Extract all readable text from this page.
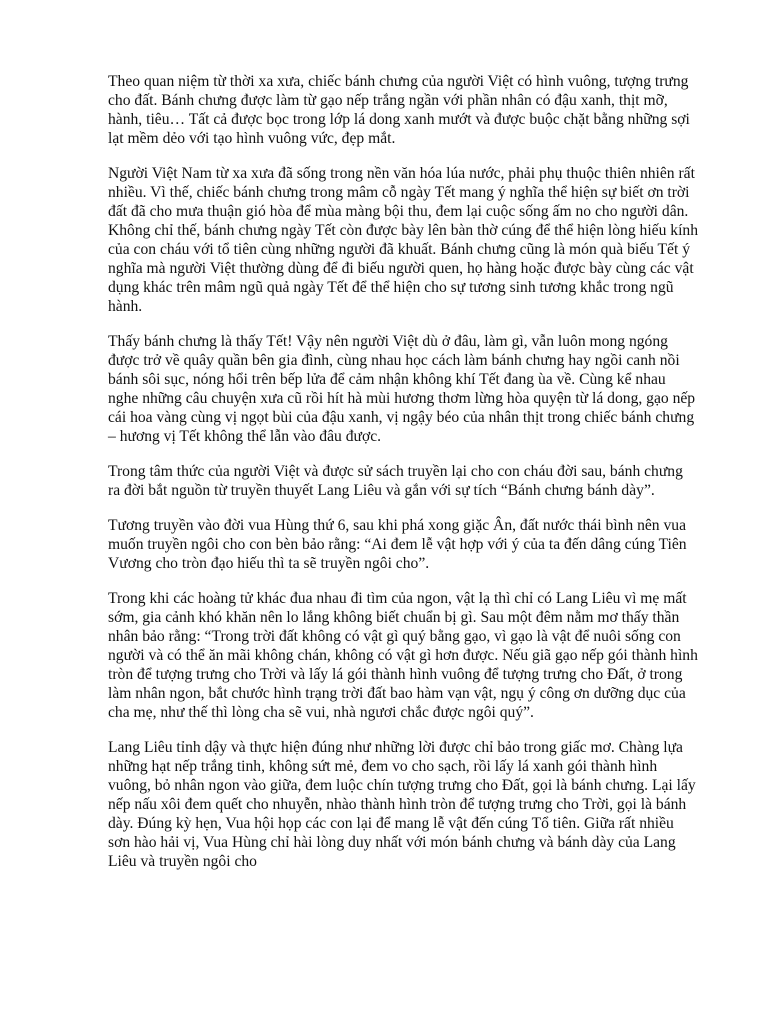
Theo quan niệm từ thời xa xưa, chiếc bánh chưng của người Việt có hình vuông, tượng trưng cho đất. Bánh chưng được làm từ gạo nếp trắng ngần với phần nhân có đậu xanh, thịt mỡ, hành, tiêu… Tất cả được bọc trong lớp lá dong xanh mướt và được buộc chặt bằng những sợi lạt mềm dẻo với tạo hình vuông vức, đẹp mắt.

Người Việt Nam từ xa xưa đã sống trong nền văn hóa lúa nước, phải phụ thuộc thiên nhiên rất nhiều. Vì thế, chiếc bánh chưng trong mâm cỗ ngày Tết mang ý nghĩa thể hiện sự biết ơn trời đất đã cho mưa thuận gió hòa để mùa màng bội thu, đem lại cuộc sống ấm no cho người dân. Không chỉ thế, bánh chưng ngày Tết còn được bày lên bàn thờ cúng để thể hiện lòng hiếu kính của con cháu với tổ tiên cùng những người đã khuất. Bánh chưng cũng là món quà biếu Tết ý nghĩa mà người Việt thường dùng để đi biếu người quen, họ hàng hoặc được bày cùng các vật dụng khác trên mâm ngũ quả ngày Tết để thể hiện cho sự tương sinh tương khắc trong ngũ hành.

Thấy bánh chưng là thấy Tết! Vậy nên người Việt dù ở đâu, làm gì, vẫn luôn mong ngóng được trở về quây quần bên gia đình, cùng nhau học cách làm bánh chưng hay ngồi canh nồi bánh sôi sục, nóng hổi trên bếp lửa để cảm nhận không khí Tết đang ùa về. Cùng kể nhau nghe những câu chuyện xưa cũ rồi hít hà mùi hương thơm lừng hòa quyện từ lá dong, gạo nếp cái hoa vàng cùng vị ngọt bùi của đậu xanh, vị ngậy béo của nhân thịt trong chiếc bánh chưng – hương vị Tết không thể lẫn vào đâu được.

Trong tâm thức của người Việt và được sử sách truyền lại cho con cháu đời sau, bánh chưng ra đời bắt nguồn từ truyền thuyết Lang Liêu và gắn với sự tích “Bánh chưng bánh dày”.

Tương truyền vào đời vua Hùng thứ 6, sau khi phá xong giặc Ân, đất nước thái bình nên vua muốn truyền ngôi cho con bèn bảo rằng: “Ai đem lễ vật hợp với ý của ta đến dâng cúng Tiên Vương cho tròn đạo hiếu thì ta sẽ truyền ngôi cho”.

Trong khi các hoàng tử khác đua nhau đi tìm của ngon, vật lạ thì chỉ có Lang Liêu vì mẹ mất sớm, gia cảnh khó khăn nên lo lắng không biết chuẩn bị gì. Sau một đêm nằm mơ thấy thần nhân bảo rằng: “Trong trời đất không có vật gì quý bằng gạo, vì gạo là vật để nuôi sống con người và có thể ăn mãi không chán, không có vật gì hơn được. Nếu giã gạo nếp gói thành hình tròn để tượng trưng cho Trời và lấy lá gói thành hình vuông để tượng trưng cho Đất, ở trong làm nhân ngon, bắt chước hình trạng trời đất bao hàm vạn vật, ngụ ý công ơn dưỡng dục của cha mẹ, như thế thì lòng cha sẽ vui, nhà ngươi chắc được ngôi quý”.

Lang Liêu tỉnh dậy và thực hiện đúng như những lời được chỉ bảo trong giấc mơ. Chàng lựa những hạt nếp trắng tinh, không sứt mẻ, đem vo cho sạch, rồi lấy lá xanh gói thành hình vuông, bỏ nhân ngon vào giữa, đem luộc chín tượng trưng cho Đất, gọi là bánh chưng. Lại lấy nếp nấu xôi đem quết cho nhuyễn, nhào thành hình tròn để tượng trưng cho Trời, gọi là bánh dày. Đúng kỳ hẹn, Vua hội họp các con lại để mang lễ vật đến cúng Tổ tiên. Giữa rất nhiều sơn hào hải vị, Vua Hùng chỉ hài lòng duy nhất với món bánh chưng và bánh dày của Lang Liêu và truyền ngôi cho
